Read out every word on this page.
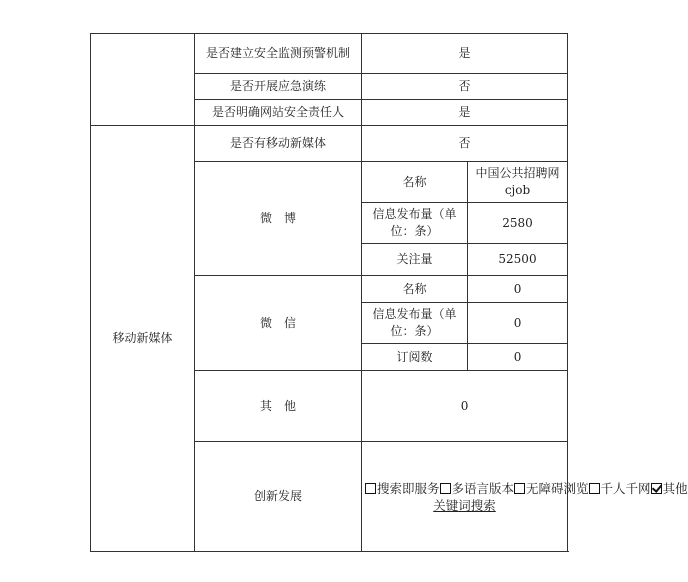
	是否建立安全监测预警机制	是	
	是否开展应急演练	否	
	是否明确网站安全责任人	是	
移动新媒体	是否有移动新媒体	否	
	微　博	名称	中国公共招聘网 cjob
		信息发布量（单位：条）	2580
		关注量	52500
	微　信	名称	0
		信息发布量（单位：条）	0
		订阅数	0
	其　他	0	
	创新发展	搜索即服务 多语言版本 无障碍浏览 千人千网 其他
关键词搜索	
